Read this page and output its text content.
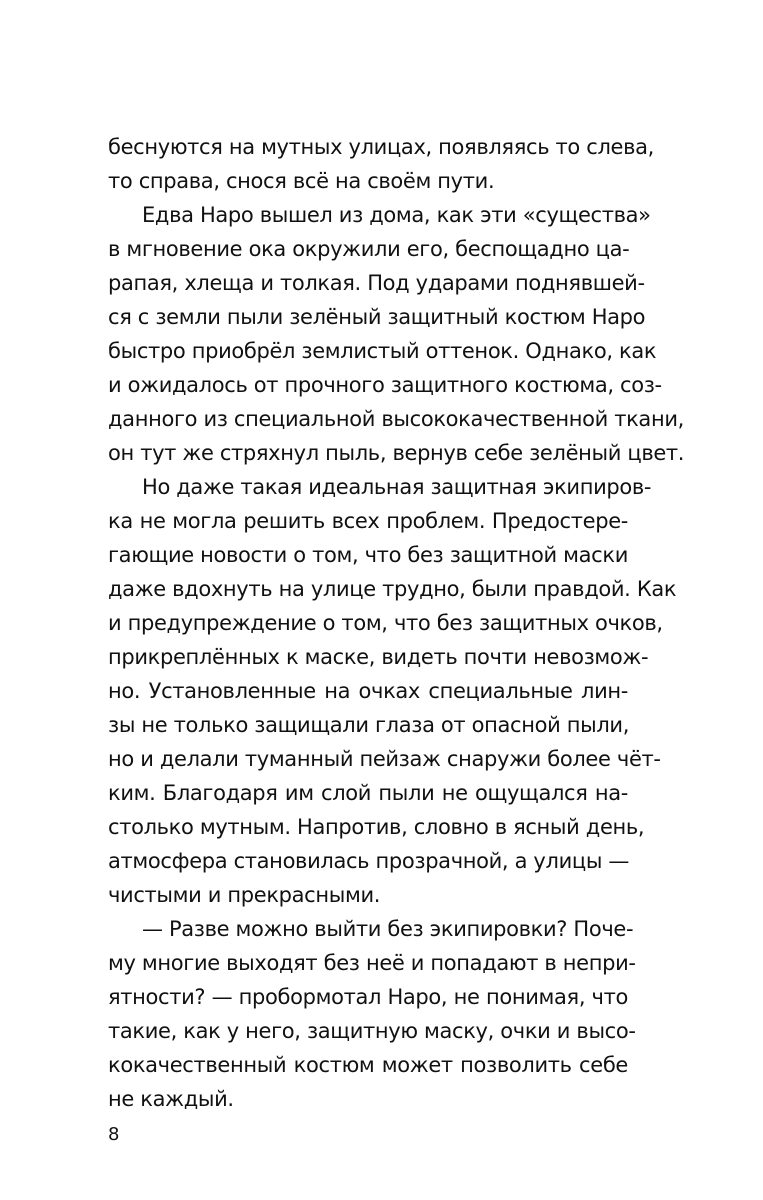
беснуются на мутных улицах, появляясь то слева,
то справа, снося всё на своём пути.
Едва Наро вышел из дома, как эти «существа»
в мгновение ока окружили его, беспощадно ца-
рапая, хлеща и толкая. Под ударами поднявшей-
ся с земли пыли зелёный защитный костюм Наро
быстро приобрёл землистый оттенок. Однако, как
и ожидалось от прочного защитного костюма, соз-
данного из специальной высококачественной ткани,
он тут же стряхнул пыль, вернув себе зелёный цвет.
Но даже такая идеальная защитная экипиров-
ка не могла решить всех проблем. Предостере-
гающие новости о том, что без защитной маски
даже вдохнуть на улице трудно, были правдой. Как
и предупреждение о том, что без защитных очков,
прикреплённых к маске, видеть почти невозмож-
но. Установленные на очках специальные лин-
зы не только защищали глаза от опасной пыли,
но и делали туманный пейзаж снаружи более чёт-
ким. Благодаря им слой пыли не ощущался на-
столько мутным. Напротив, словно в ясный день,
атмосфера становилась прозрачной, а улицы —
чистыми и прекрасными.
— Разве можно выйти без экипировки? Поче-
му многие выходят без неё и попадают в непри-
ятности? — пробормотал Наро, не понимая, что
такие, как у него, защитную маску, очки и высо-
кокачественный костюм может позволить себе
не каждый.
8
